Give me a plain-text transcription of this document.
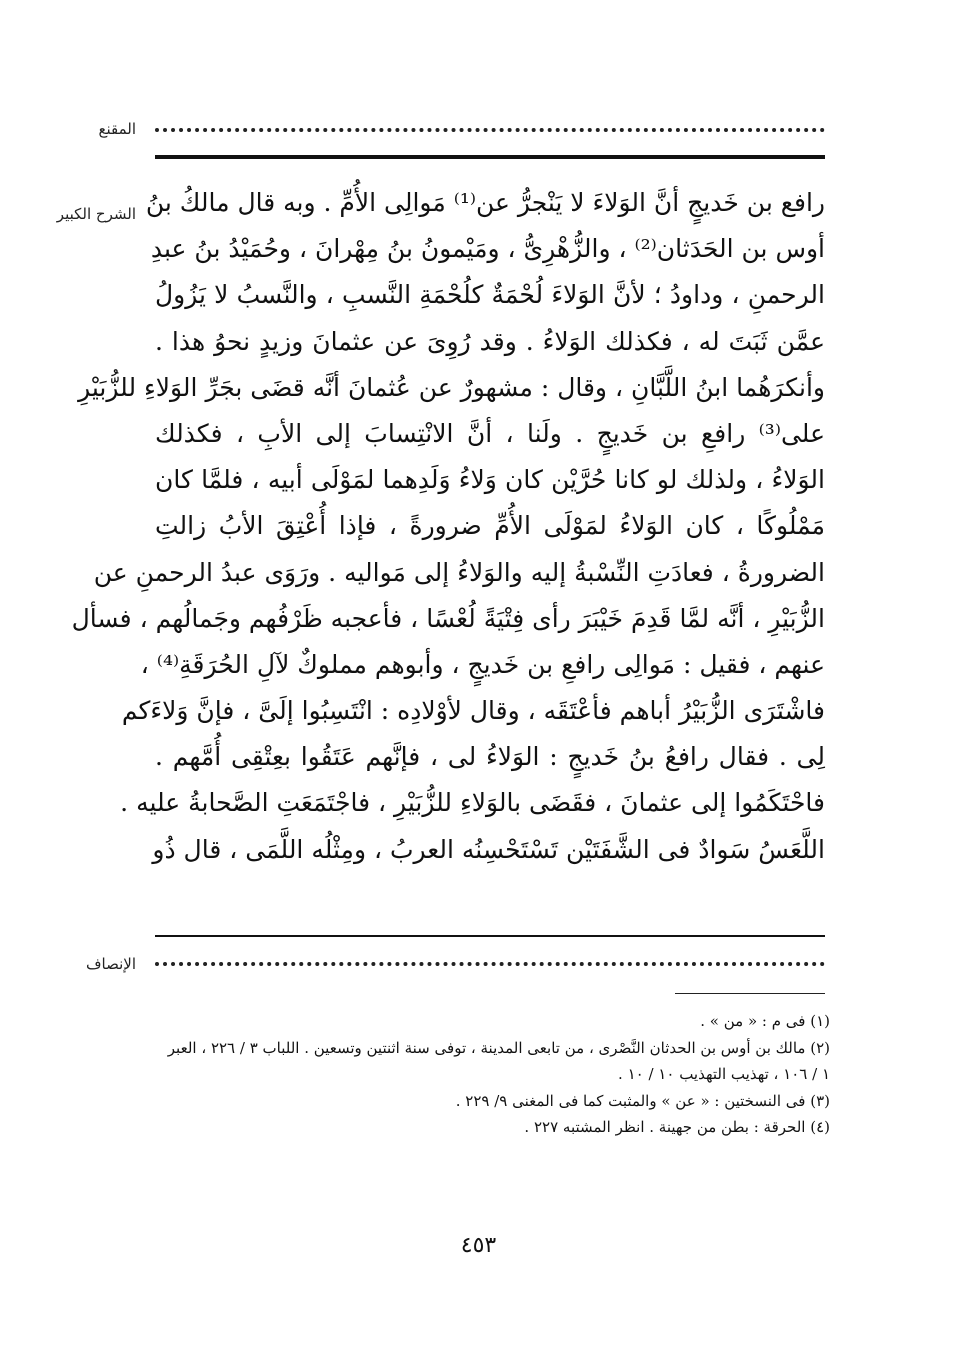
المقنع
الشرح الكبير رافع بن خَديجٍ أنَّ الوَلاءَ لا يَنْجرُّ عن⁽¹⁾ مَوالِى الأُمِّ . وبه قال مالكُ بنُ
أوس بن الحَدَثان⁽²⁾ ، والزُّهْرِىُّ ، ومَيْمونُ بنُ مِهْرانَ ، وحُمَيْدُ بنُ عبدِ
الرحمنِ ، وداودُ ؛ لأنَّ الوَلاءَ لُحْمَةٌ كلُحْمَةِ النَّسبِ ، والنَّسبُ لا يَزُولُ
عمَّن ثَبَتَ له ، فكذلك الوَلاءُ . وقد رُوِىَ عن عثمانَ وزيدٍ نحوُ هذا .
وأنكرَهُما ابنُ اللَّبَّانِ ، وقال : مشهورٌ عن عُثمانَ أنَّه قضَى بجَرِّ الوَلاءِ للزُّبَيْرِ
على⁽³⁾ رافعِ بن خَديجٍ . ولَنا ، أنَّ الانْتِسابَ إلى الأبِ ، فكذلك
الوَلاءُ ، ولذلك لو كانا حُرَّيْن كان وَلاءُ وَلَدِهما لمَوْلَى أبيه ، فلمَّا كان
مَمْلُوكًا ، كان الوَلاءُ لمَوْلَى الأُمِّ ضرورةً ، فإذا أُعْتِقَ الأبُ زالتِ
الضرورةُ ، فعادَتِ النِّسْبةُ إليه والوَلاءُ إلى مَواليه . ورَوَى عبدُ الرحمنِ عن
الزُّبَيْرِ ، أنَّه لمَّا قَدِمَ خَيْبَرَ رأى فِتْيَةً لُعْسًا ، فأعجبه ظَرْفُهم وجَمالُهم ، فسأل
عنهم ، فقيل : مَوالِى رافعِ بن خَديجٍ ، وأبوهم مملوكٌ لآلِ الحُرَقَةِ⁽⁴⁾ ،
فاشْتَرَى الزُّبَيْرُ أباهم فأعْتَقَه ، وقال لأوْلادِه : انْتَسِبُوا إلَىَّ ، فإنَّ وَلاءَكم
لِى . فقال رافعُ بنُ خَديجٍ : الوَلاءُ لى ، فإنَّهم عَتَقُوا بعِتْقِى أُمَّهم .
فاحْتَكَمُوا إلى عثمانَ ، فقَضَى بالوَلاءِ للزُّبَيْرِ ، فاجْتَمَعَتِ الصَّحابةُ عليه .
اللَّعَسُ سَوادٌ فى الشَّفَتَيْن تَسْتَحْسِنُه العربُ ، ومِثْلُه اللَّمَى ، قال ذُو
الإنصاف
(١) فى م : « من » .
(٢) مالك بن أوس بن الحدثان النَّصْرى ، من تابعى المدينة ، توفى سنة اثنتين وتسعين . اللباب ٣ / ٢٢٦ ، العبر
١ / ١٠٦ ، تهذيب التهذيب ١٠ / ١٠ .
(٣) فى النسختين : « عن » والمثبت كما فى المغنى ٩/ ٢٢٩ .
(٤) الحرقة : بطن من جهينة . انظر المشتبه ٢٢٧ .
٤٥٣
